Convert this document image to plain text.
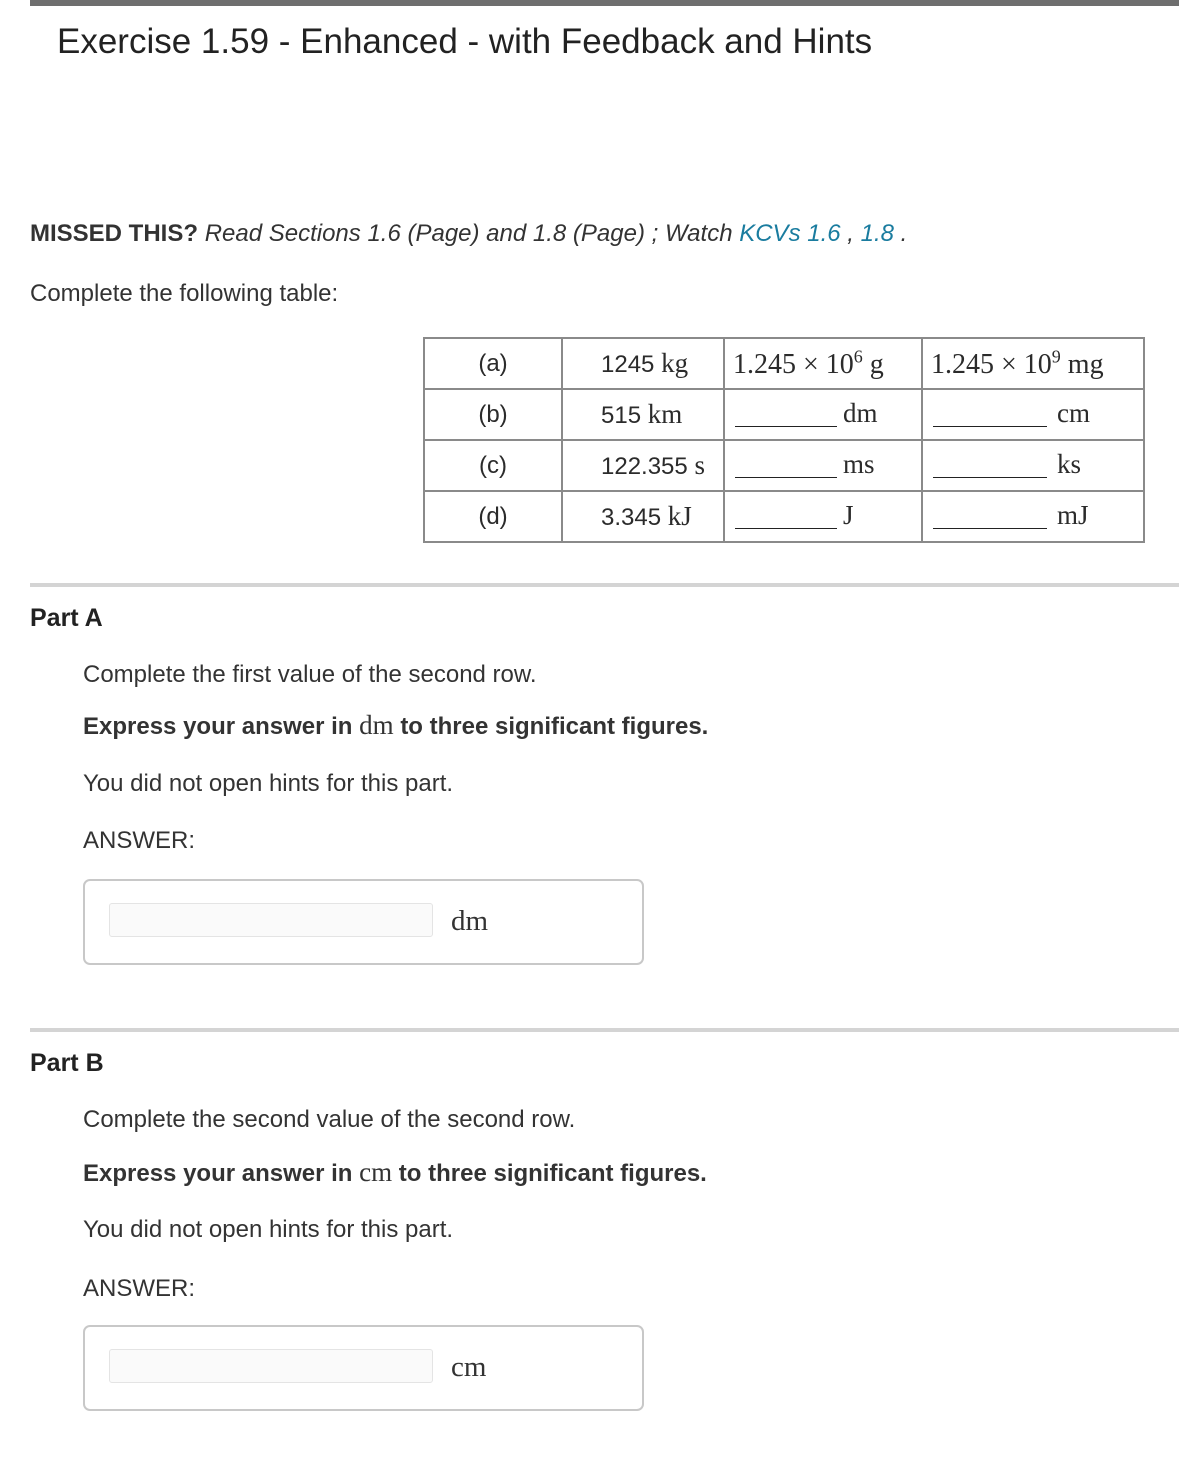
Exercise 1.59 - Enhanced - with Feedback and Hints
MISSED THIS? Read Sections 1.6 (Page) and 1.8 (Page) ; Watch KCVs 1.6 , 1.8 .
Complete the following table:
(a)	1245 kg	$1.245 \times 10^6$ g	$1.245 \times 10^9$ mg
(b)	515 km	dm	cm

(c)	122.355 s	ms	ks

(d)	3.345 kJ	J	mJ
Part A
Complete the first value of the second row.
Express your answer in dm to three significant figures.
You did not open hints for this part.
ANSWER:
dm
Part B
Complete the second value of the second row.
Express your answer in cm to three significant figures.
You did not open hints for this part.
ANSWER:
cm
